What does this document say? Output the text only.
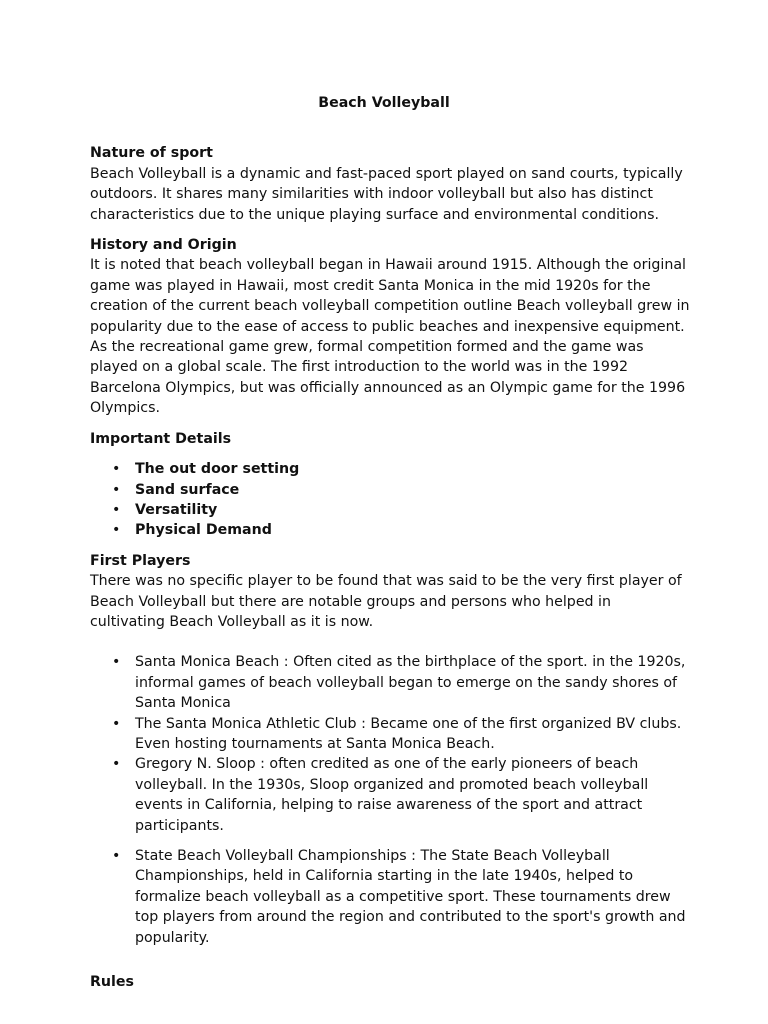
Beach Volleyball

Nature of sport

Beach Volleyball is a dynamic and fast-paced sport played on sand courts, typically outdoors. It shares many similarities with indoor volleyball but also has distinct characteristics due to the unique playing surface and environmental conditions.

History and Origin

It is noted that beach volleyball began in Hawaii around 1915. Although the original game was played in Hawaii, most credit Santa Monica in the mid 1920s for the creation of the current beach volleyball competition outline Beach volleyball grew in popularity due to the ease of access to public beaches and inexpensive equipment. As the recreational game grew, formal competition formed and the game was played on a global scale. The first introduction to the world was in the 1992 Barcelona Olympics, but was officially announced as an Olympic game for the 1996 Olympics.

Important Details

• The out door setting
• Sand surface
• Versatility
• Physical Demand

First Players

There was no specific player to be found that was said to be the very first player of Beach Volleyball but there are notable groups and persons who helped in cultivating Beach Volleyball as it is now.

• Santa Monica Beach : Often cited as the birthplace of the sport. in the 1920s, informal games of beach volleyball began to emerge on the sandy shores of Santa Monica
• The Santa Monica Athletic Club : Became one of the first organized BV clubs. Even hosting tournaments at Santa Monica Beach.
• Gregory N. Sloop : often credited as one of the early pioneers of beach volleyball. In the 1930s, Sloop organized and promoted beach volleyball events in California, helping to raise awareness of the sport and attract participants.
• State Beach Volleyball Championships : The State Beach Volleyball Championships, held in California starting in the late 1940s, helped to formalize beach volleyball as a competitive sport. These tournaments drew top players from around the region and contributed to the sport's growth and popularity.

Rules
